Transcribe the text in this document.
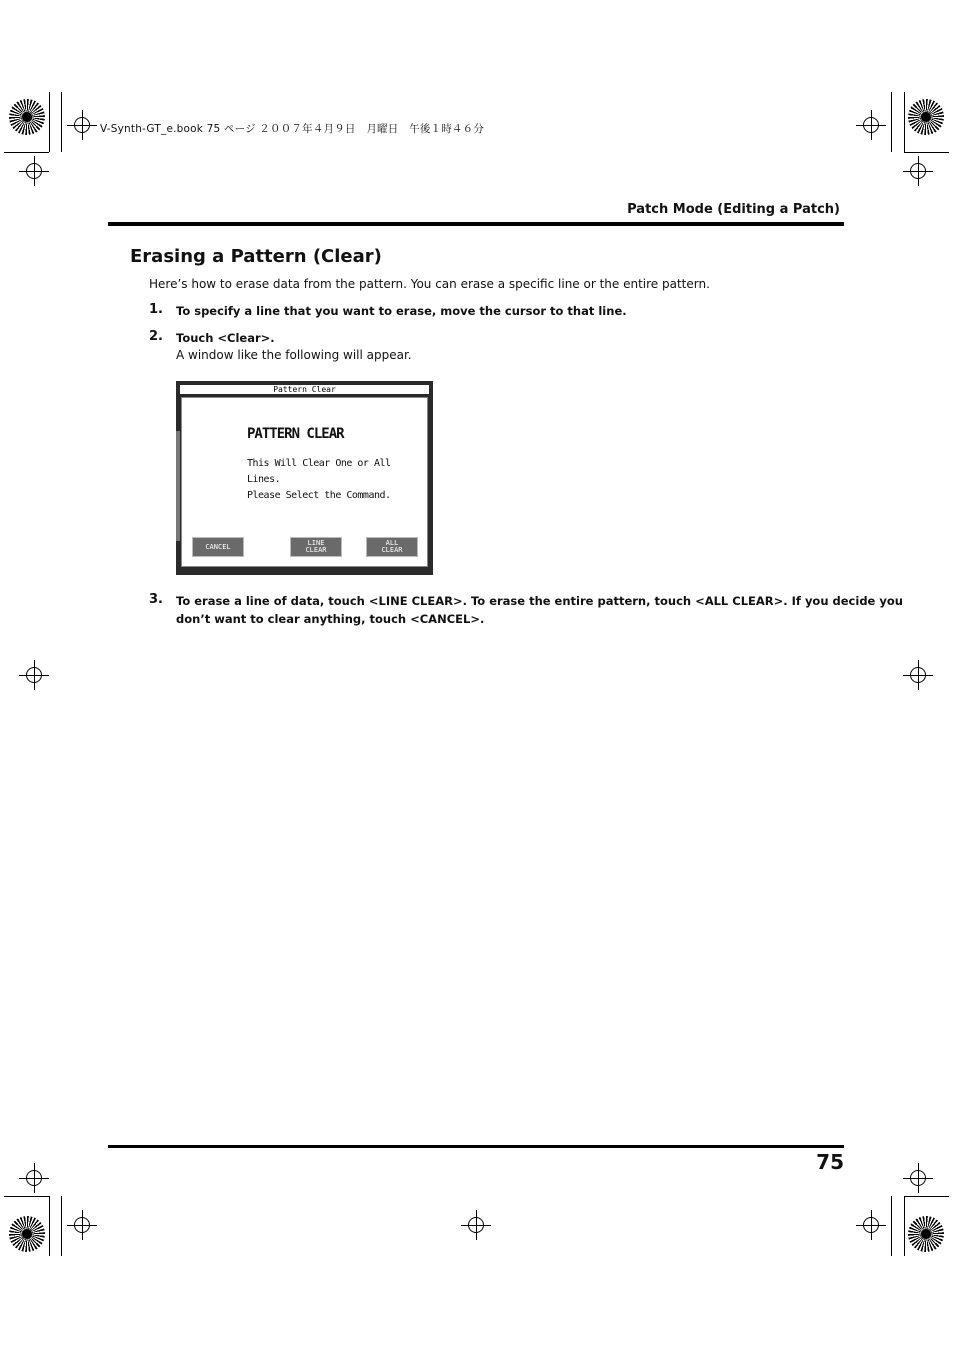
V-Synth-GT_e.book 75 ページ ２００７年４月９日　月曜日　午後１時４６分
Patch Mode (Editing a Patch)
Erasing a Pattern (Clear)
Here’s how to erase data from the pattern. You can erase a specific line or the entire pattern.
1. To specify a line that you want to erase, move the cursor to that line.
2. Touch <Clear>.
A window like the following will appear.
Pattern Clear
PATTERN CLEAR
This Will Clear One or All Lines.
Please Select the Command.
CANCEL	LINE
CLEAR
ALL
CLEAR
3. To erase a line of data, touch <LINE CLEAR>. To erase the entire pattern, touch <ALL CLEAR>. If you decide you
don’t want to clear anything, touch <CANCEL>.
75
